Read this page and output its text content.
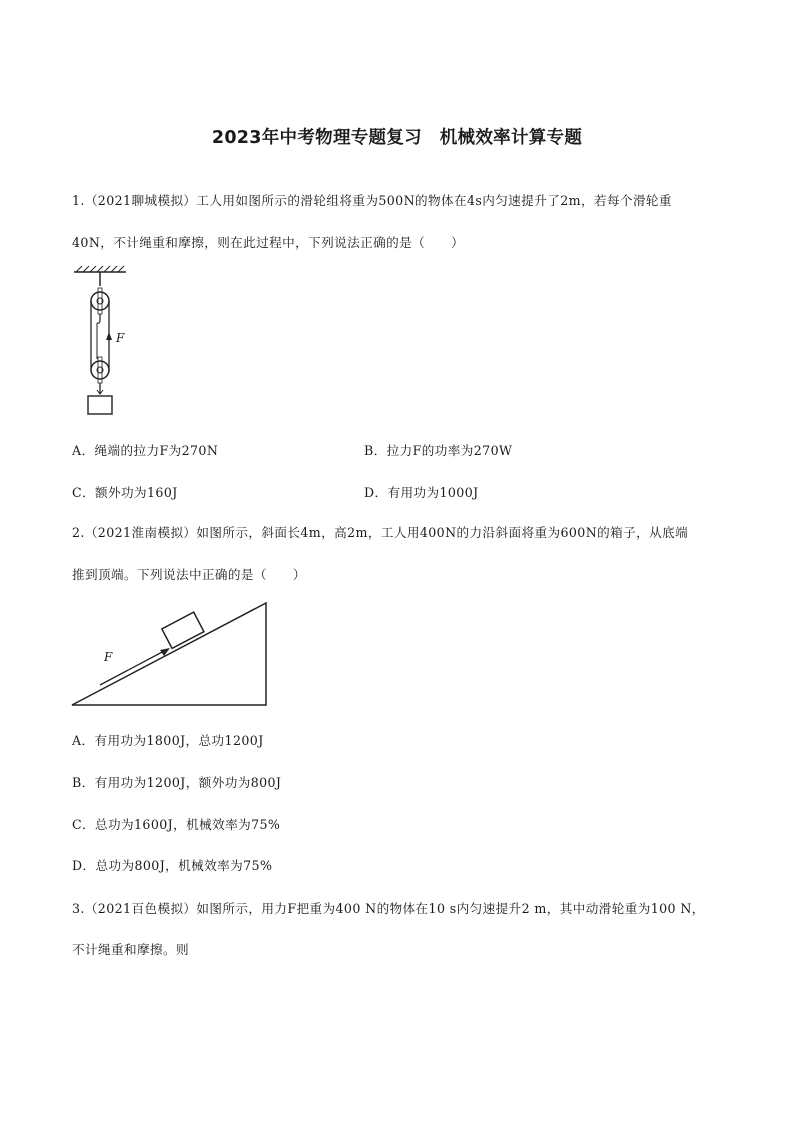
2023年中考物理专题复习　机械效率计算专题
1.（2021聊城模拟）工人用如图所示的滑轮组将重为500N的物体在4s内匀速提升了2m，若每个滑轮重
40N，不计绳重和摩擦，则在此过程中，下列说法正确的是（　　）
F
A．绳端的拉力F为270N	B．拉力F的功率为270W
C．额外功为160J	D．有用功为1000J
2.（2021淮南模拟）如图所示，斜面长4m，高2m，工人用400N的力沿斜面将重为600N的箱子，从底端
推到顶端。下列说法中正确的是（　　）
F
A．有用功为1800J，总功1200J
B．有用功为1200J，额外功为800J
C．总功为1600J，机械效率为75%
D．总功为800J，机械效率为75%
3.（2021百色模拟）如图所示，用力F把重为400 N的物体在10 s内匀速提升2 m，其中动滑轮重为100 N，
不计绳重和摩擦。则
